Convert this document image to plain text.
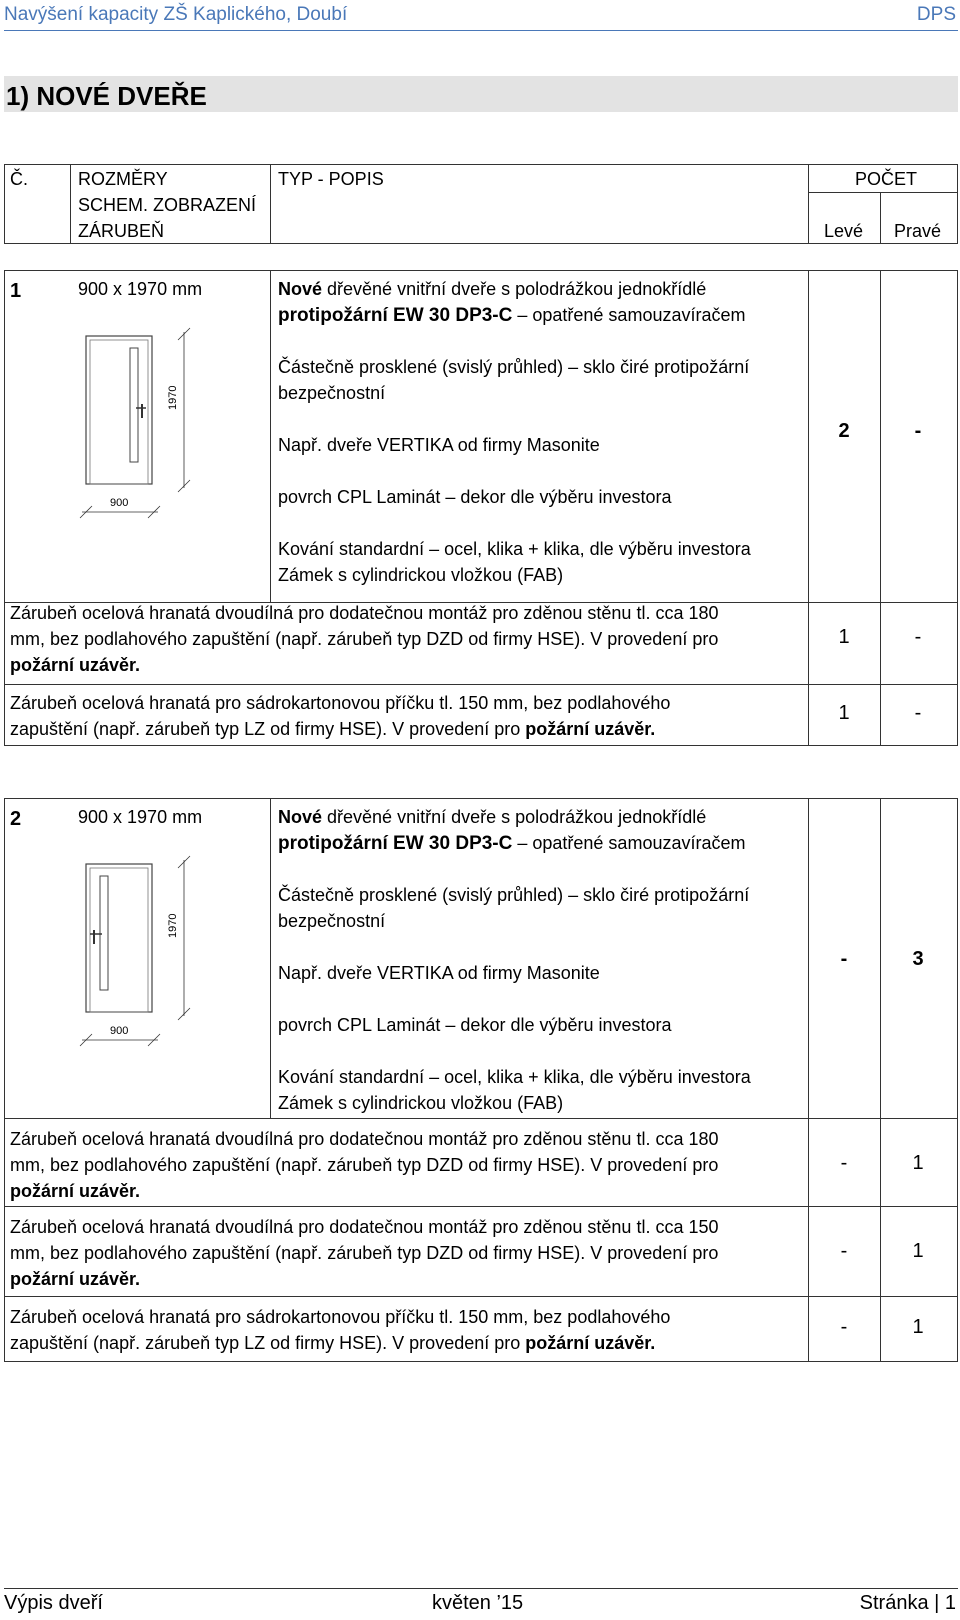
Navýšení kapacity ZŠ Kaplického, Doubí	DPS
1) NOVÉ DVEŘE
Č.	ROZMĚRY
SCHEM. ZOBRAZENÍ
ZÁRUBEŇ
TYP - POPIS	POČET
Levé Pravé
1	900 x 1970 mm
1970
900
Nové dřevěné vnitřní dveře s polodrážkou jednokřídlé
protipožární EW 30 DP3-C – opatřené samouzavíračem
Částečně prosklené (svislý průhled) – sklo čiré protipožární
bezpečnostní
Např. dveře VERTIKA od firmy Masonite
povrch CPL Laminát – dekor dle výběru investora
Kování standardní – ocel, klika + klika, dle výběru investora
Zámek s cylindrickou vložkou (FAB)
2	-
Zárubeň ocelová hranatá dvoudílná pro dodatečnou montáž pro zděnou stěnu tl. cca 180
mm, bez podlahového zapuštění (např. zárubeň typ DZD od firmy HSE). V provedení pro
požární uzávěr.
1	-
Zárubeň ocelová hranatá pro sádrokartonovou příčku tl. 150 mm, bez podlahového
zapuštění (např. zárubeň typ LZ od firmy HSE). V provedení pro požární uzávěr.
1	-
2	900 x 1970 mm
1970
900
Nové dřevěné vnitřní dveře s polodrážkou jednokřídlé
protipožární EW 30 DP3-C – opatřené samouzavíračem
Částečně prosklené (svislý průhled) – sklo čiré protipožární
bezpečnostní
Např. dveře VERTIKA od firmy Masonite
povrch CPL Laminát – dekor dle výběru investora
Kování standardní – ocel, klika + klika, dle výběru investora
Zámek s cylindrickou vložkou (FAB)
-	3
Zárubeň ocelová hranatá dvoudílná pro dodatečnou montáž pro zděnou stěnu tl. cca 180
mm, bez podlahového zapuštění (např. zárubeň typ DZD od firmy HSE). V provedení pro
požární uzávěr.
-	1
Zárubeň ocelová hranatá dvoudílná pro dodatečnou montáž pro zděnou stěnu tl. cca 150
mm, bez podlahového zapuštění (např. zárubeň typ DZD od firmy HSE). V provedení pro
požární uzávěr.
-	1
Zárubeň ocelová hranatá pro sádrokartonovou příčku tl. 150 mm, bez podlahového
zapuštění (např. zárubeň typ LZ od firmy HSE). V provedení pro požární uzávěr.
-	1
Výpis dveří	květen ’15	Stránka | 1
